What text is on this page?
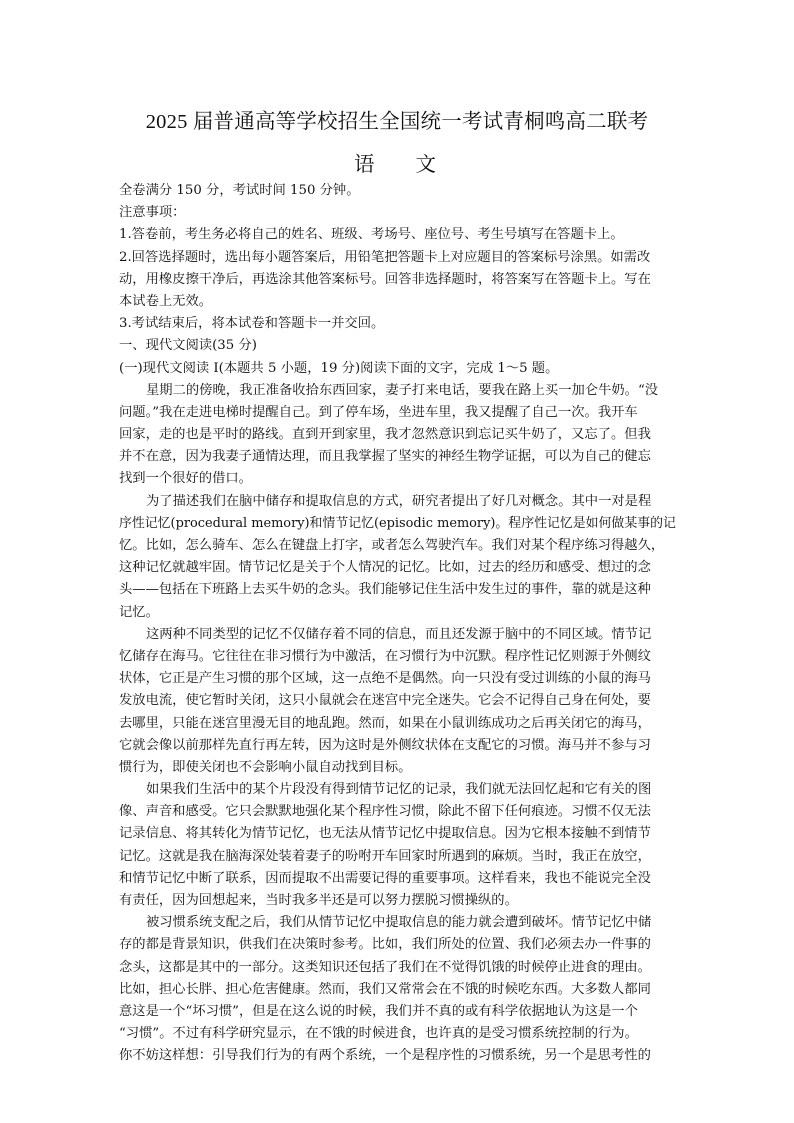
2025 届普通高等学校招生全国统一考试青桐鸣高二联考
语 文
全卷满分 150 分，考试时间 150 分钟。
注意事项：
1.答卷前，考生务必将自己的姓名、班级、考场号、座位号、考生号填写在答题卡上。
2.回答选择题时，选出每小题答案后，用铅笔把答题卡上对应题目的答案标号涂黑。如需改
动，用橡皮擦干净后，再选涂其他答案标号。回答非选择题时，将答案写在答题卡上。写在
本试卷上无效。
3.考试结束后，将本试卷和答题卡一并交回。
一、现代文阅读(35 分)
(一)现代文阅读 I(本题共 5 小题，19 分)阅读下面的文字，完成 1～5 题。
星期二的傍晚，我正准备收拾东西回家，妻子打来电话，要我在路上买一加仑牛奶。“没
问题。”我在走进电梯时提醒自己。到了停车场，坐进车里，我又提醒了自己一次。我开车
回家，走的也是平时的路线。直到开到家里，我才忽然意识到忘记买牛奶了，又忘了。但我
并不在意，因为我妻子通情达理，而且我掌握了坚实的神经生物学证据，可以为自己的健忘
找到一个很好的借口。
为了描述我们在脑中储存和提取信息的方式，研究者提出了好几对概念。其中一对是程
序性记忆(procedural memory)和情节记忆(episodic memory)。程序性记忆是如何做某事的记
忆。比如，怎么骑车、怎么在键盘上打字，或者怎么驾驶汽车。我们对某个程序练习得越久，
这种记忆就越牢固。情节记忆是关于个人情况的记忆。比如，过去的经历和感受、想过的念
头——包括在下班路上去买牛奶的念头。我们能够记住生活中发生过的事件，靠的就是这种
记忆。
这两种不同类型的记忆不仅储存着不同的信息，而且还发源于脑中的不同区域。情节记
忆储存在海马。它往往在非习惯行为中激活，在习惯行为中沉默。程序性记忆则源于外侧纹
状体，它正是产生习惯的那个区域，这一点绝不是偶然。向一只没有受过训练的小鼠的海马
发放电流，使它暂时关闭，这只小鼠就会在迷宫中完全迷失。它会不记得自己身在何处，要
去哪里，只能在迷宫里漫无目的地乱跑。然而，如果在小鼠训练成功之后再关闭它的海马，
它就会像以前那样先直行再左转，因为这时是外侧纹状体在支配它的习惯。海马并不参与习
惯行为，即使关闭也不会影响小鼠自动找到目标。
如果我们生活中的某个片段没有得到情节记忆的记录，我们就无法回忆起和它有关的图
像、声音和感受。它只会默默地强化某个程序性习惯，除此不留下任何痕迹。习惯不仅无法
记录信息、将其转化为情节记忆，也无法从情节记忆中提取信息。因为它根本接触不到情节
记忆。这就是我在脑海深处装着妻子的吩咐开车回家时所遇到的麻烦。当时，我正在放空，
和情节记忆中断了联系，因而提取不出需要记得的重要事项。这样看来，我也不能说完全没
有责任，因为回想起来，当时我多半还是可以努力摆脱习惯操纵的。
被习惯系统支配之后，我们从情节记忆中提取信息的能力就会遭到破坏。情节记忆中储
存的都是背景知识，供我们在决策时参考。比如，我们所处的位置、我们必须去办一件事的
念头，这都是其中的一部分。这类知识还包括了我们在不觉得饥饿的时候停止进食的理由。
比如，担心长胖、担心危害健康。然而，我们又常常会在不饿的时候吃东西。大多数人都同
意这是一个“坏习惯”，但是在这么说的时候，我们并不真的或有科学依据地认为这是一个
“习惯”。不过有科学研究显示，在不饿的时候进食，也许真的是受习惯系统控制的行为。
你不妨这样想：引导我们行为的有两个系统，一个是程序性的习惯系统，另一个是思考性的
